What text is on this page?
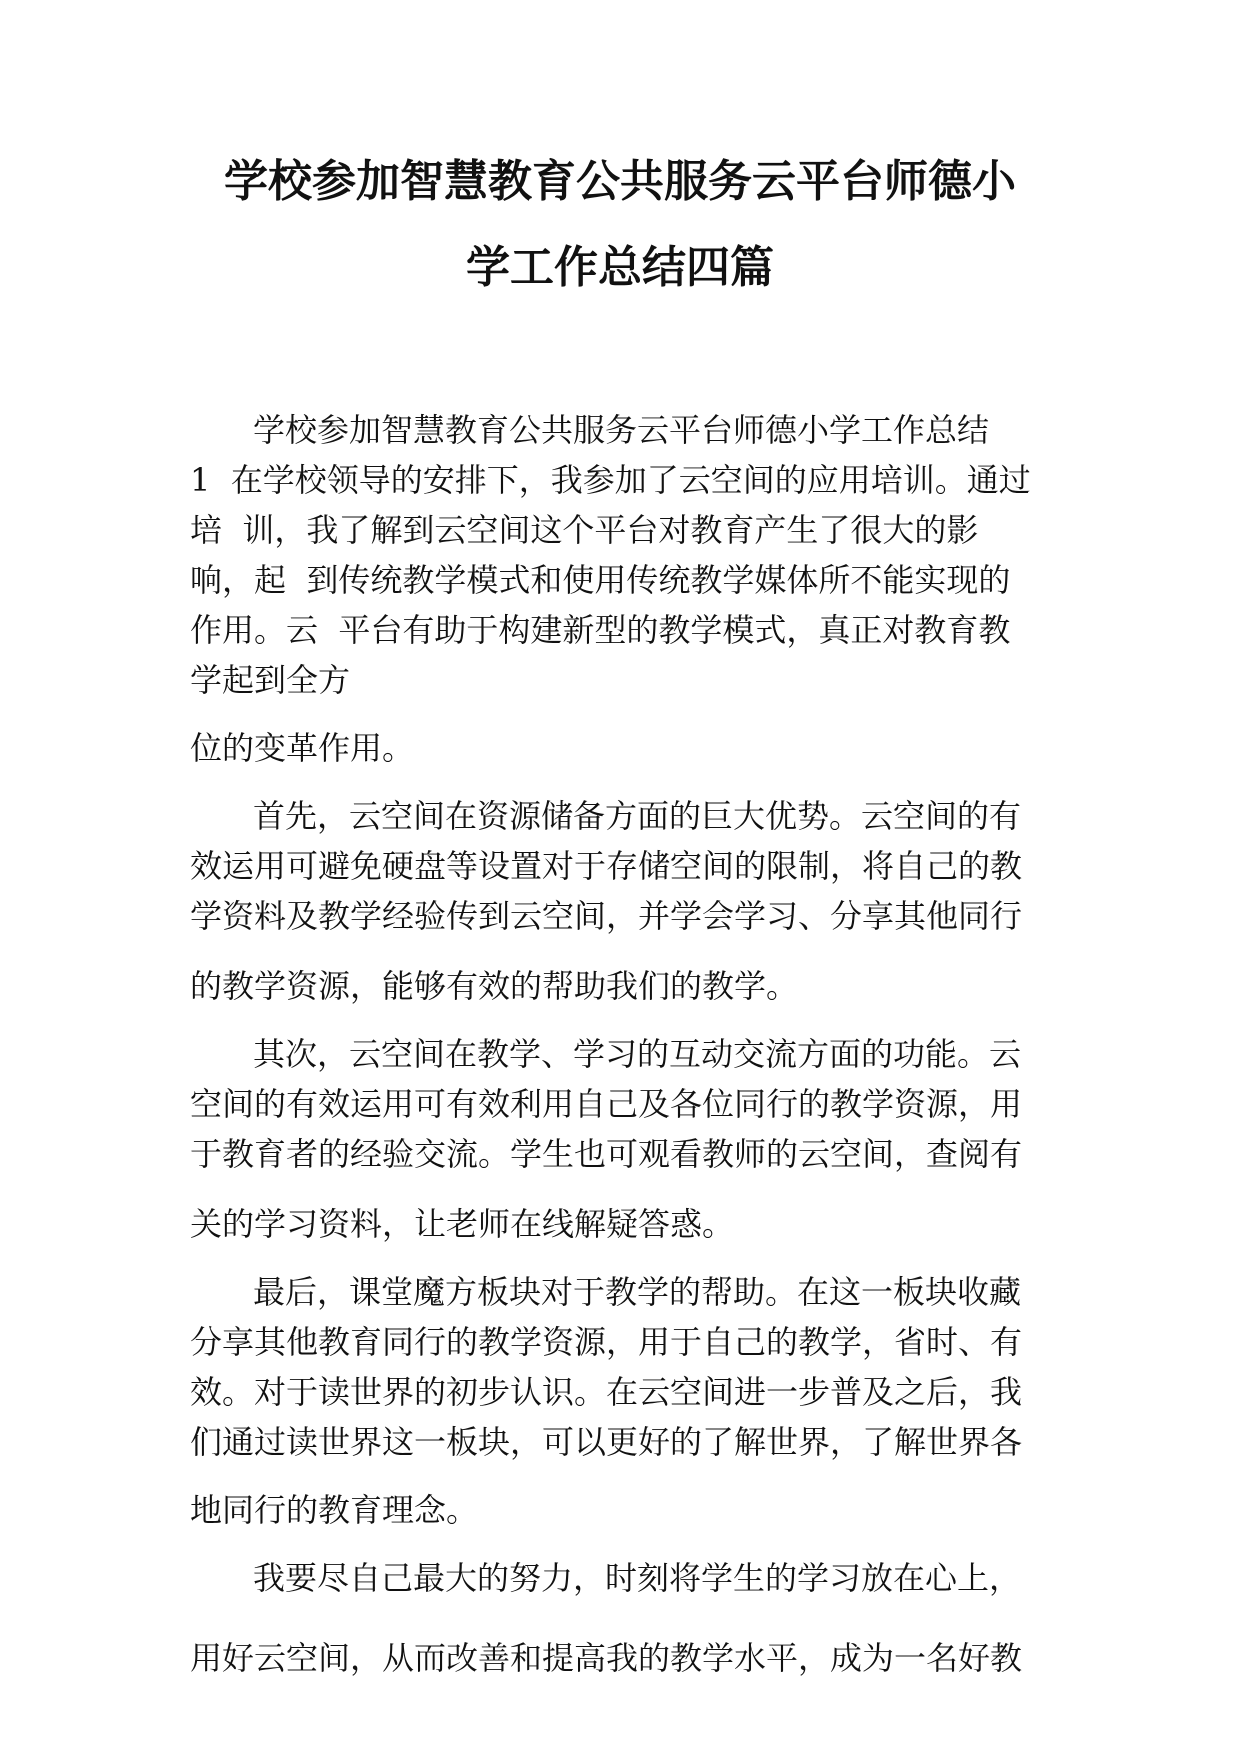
学校参加智慧教育公共服务云平台师德小
学工作总结四篇
学校参加智慧教育公共服务云平台师德小学工作总结
1  在学校领导的安排下，我参加了云空间的应用培训。通过
培  训，我了解到云空间这个平台对教育产生了很大的影
响，起  到传统教学模式和使用传统教学媒体所不能实现的
作用。云  平台有助于构建新型的教学模式，真正对教育教
学起到全方
位的变革作用。
首先，云空间在资源储备方面的巨大优势。云空间的有
效运用可避免硬盘等设置对于存储空间的限制，将自己的教
学资料及教学经验传到云空间，并学会学习、分享其他同行
的教学资源，能够有效的帮助我们的教学。
其次，云空间在教学、学习的互动交流方面的功能。云
空间的有效运用可有效利用自己及各位同行的教学资源，用
于教育者的经验交流。学生也可观看教师的云空间，查阅有
关的学习资料，让老师在线解疑答惑。
最后，课堂魔方板块对于教学的帮助。在这一板块收藏
分享其他教育同行的教学资源，用于自己的教学，省时、有
效。对于读世界的初步认识。在云空间进一步普及之后，我
们通过读世界这一板块，可以更好的了解世界，了解世界各
地同行的教育理念。
我要尽自己最大的努力，时刻将学生的学习放在心上，
用好云空间，从而改善和提高我的教学水平，成为一名好教
